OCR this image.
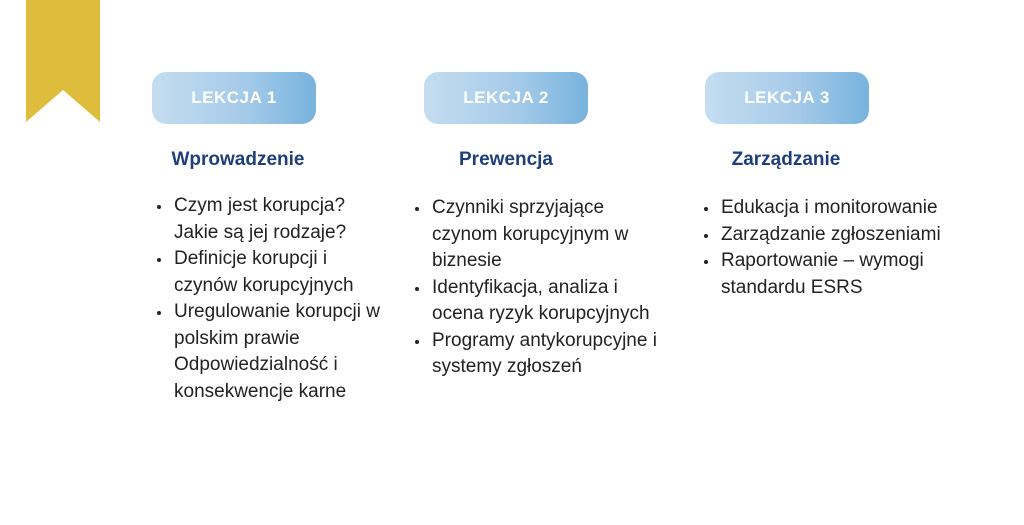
LEKCJA 1
Wprowadzenie
• Czym jest korupcja? Jakie są jej rodzaje?
• Definicje korupcji i czynów korupcyjnych
• Uregulowanie korupcji w polskim prawie Odpowiedzialność i konsekwencje karne
LEKCJA 2
Prewencja
• Czynniki sprzyjające czynom korupcyjnym w biznesie
• Identyfikacja, analiza i ocena ryzyk korupcyjnych
• Programy antykorupcyjne i systemy zgłoszeń
LEKCJA 3
Zarządzanie
• Edukacja i monitorowanie
• Zarządzanie zgłoszeniami
• Raportowanie – wymogi standardu ESRS
